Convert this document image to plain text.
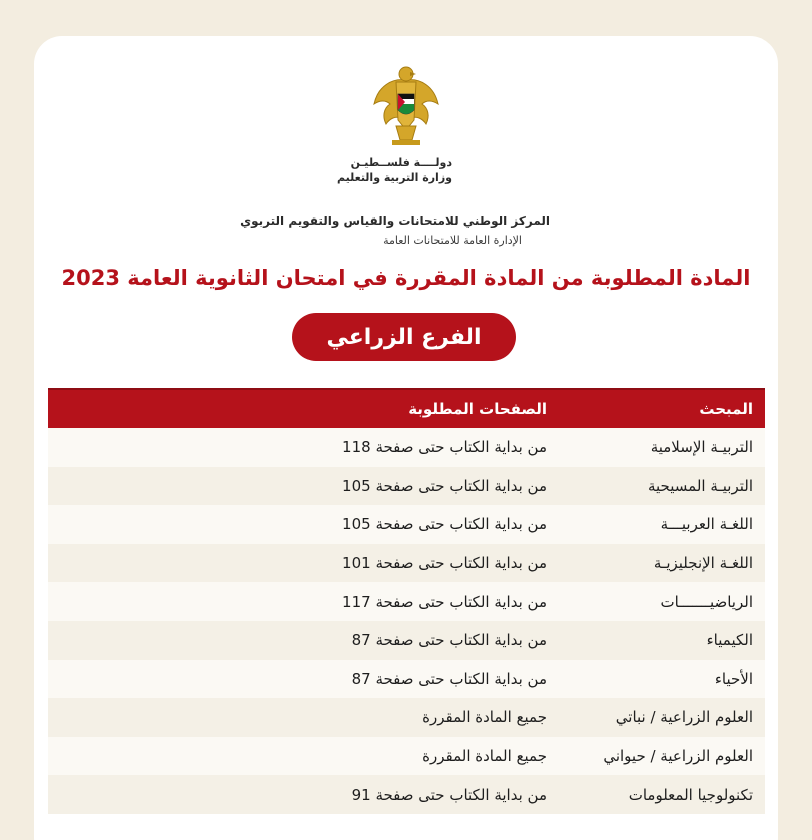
دولــــة فلســطيـن
وزارة التربية والتعليم
المركز الوطني للامتحانات والقياس والتقويم التربوي
الإدارة العامة للامتحانات العامة
المادة المطلوبة من المادة المقررة في امتحان الثانوية العامة 2023
الفرع الزراعي
المبحث
الصفحات المطلوبة
التربيـة الإسلامية
من بداية الكتاب حتى صفحة 118
التربيـة المسيحية
من بداية الكتاب حتى صفحة 105
اللغـة العربيـــة
من بداية الكتاب حتى صفحة 105
اللغـة الإنجليزيـة
من بداية الكتاب حتى صفحة 101
الرياضيـــــــات
من بداية الكتاب حتى صفحة 117
الكيمياء
من بداية الكتاب حتى صفحة 87
الأحياء
من بداية الكتاب حتى صفحة 87
العلوم الزراعية / نباتي
جميع المادة المقررة
العلوم الزراعية / حيواني
جميع المادة المقررة
تكنولوجيا المعلومات
من بداية الكتاب حتى صفحة 91
